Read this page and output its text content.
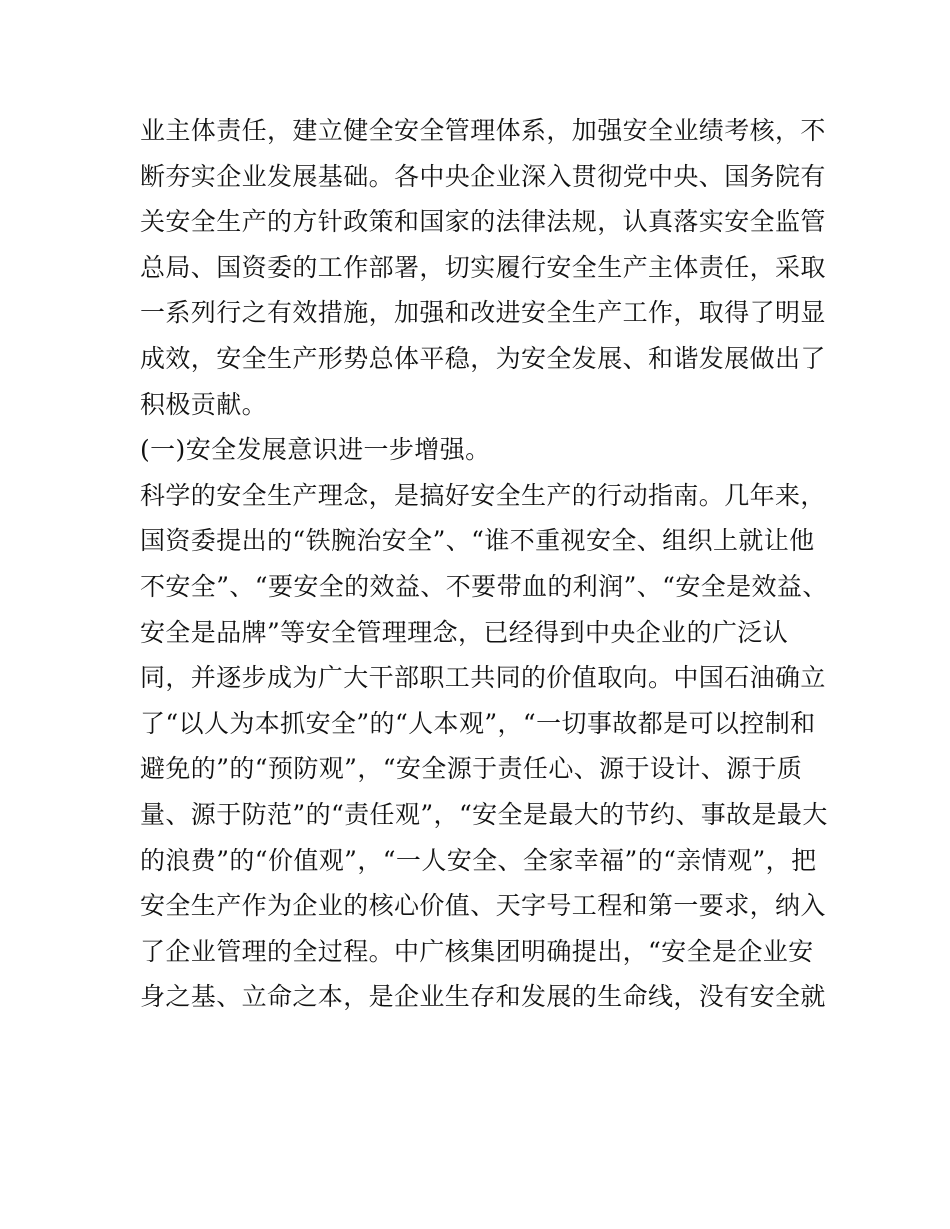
业主体责任，建立健全安全管理体系，加强安全业绩考核，不
断夯实企业发展基础。各中央企业深入贯彻党中央、国务院有
关安全生产的方针政策和国家的法律法规，认真落实安全监管
总局、国资委的工作部署，切实履行安全生产主体责任，采取
一系列行之有效措施，加强和改进安全生产工作，取得了明显
成效，安全生产形势总体平稳，为安全发展、和谐发展做出了
积极贡献。
(一)安全发展意识进一步增强。
科学的安全生产理念，是搞好安全生产的行动指南。几年来，
国资委提出的“铁腕治安全”、“谁不重视安全、组织上就让他
不安全”、“要安全的效益、不要带血的利润”、“安全是效益、
安全是品牌”等安全管理理念，已经得到中央企业的广泛认
同，并逐步成为广大干部职工共同的价值取向。中国石油确立
了“以人为本抓安全”的“人本观”，“一切事故都是可以控制和
避免的”的“预防观”，“安全源于责任心、源于设计、源于质
量、源于防范”的“责任观”，“安全是最大的节约、事故是最大
的浪费”的“价值观”，“一人安全、全家幸福”的“亲情观”，把
安全生产作为企业的核心价值、天字号工程和第一要求，纳入
了企业管理的全过程。中广核集团明确提出，“安全是企业安
身之基、立命之本，是企业生存和发展的生命线，没有安全就
